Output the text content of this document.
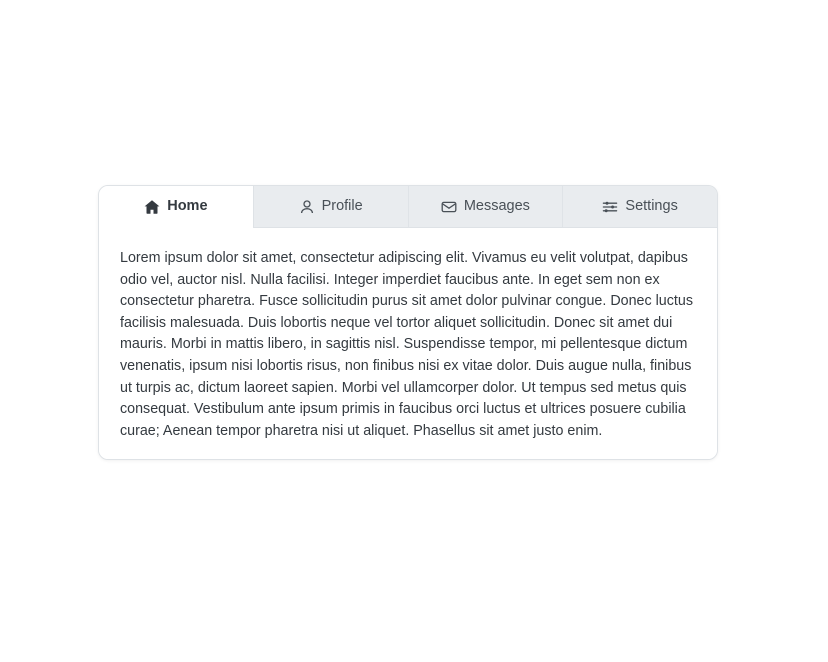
Home	Profile	Messages	Settings

Lorem ipsum dolor sit amet, consectetur adipiscing elit. Vivamus eu velit volutpat, dapibus odio vel, auctor nisl. Nulla facilisi. Integer imperdiet faucibus ante. In eget sem non ex consectetur pharetra. Fusce sollicitudin purus sit amet dolor pulvinar congue. Donec luctus facilisis malesuada. Duis lobortis neque vel tortor aliquet sollicitudin. Donec sit amet dui mauris. Morbi in mattis libero, in sagittis nisl. Suspendisse tempor, mi pellentesque dictum venenatis, ipsum nisi lobortis risus, non finibus nisi ex vitae dolor. Duis augue nulla, finibus ut turpis ac, dictum laoreet sapien. Morbi vel ullamcorper dolor. Ut tempus sed metus quis consequat. Vestibulum ante ipsum primis in faucibus orci luctus et ultrices posuere cubilia curae; Aenean tempor pharetra nisi ut aliquet. Phasellus sit amet justo enim.
